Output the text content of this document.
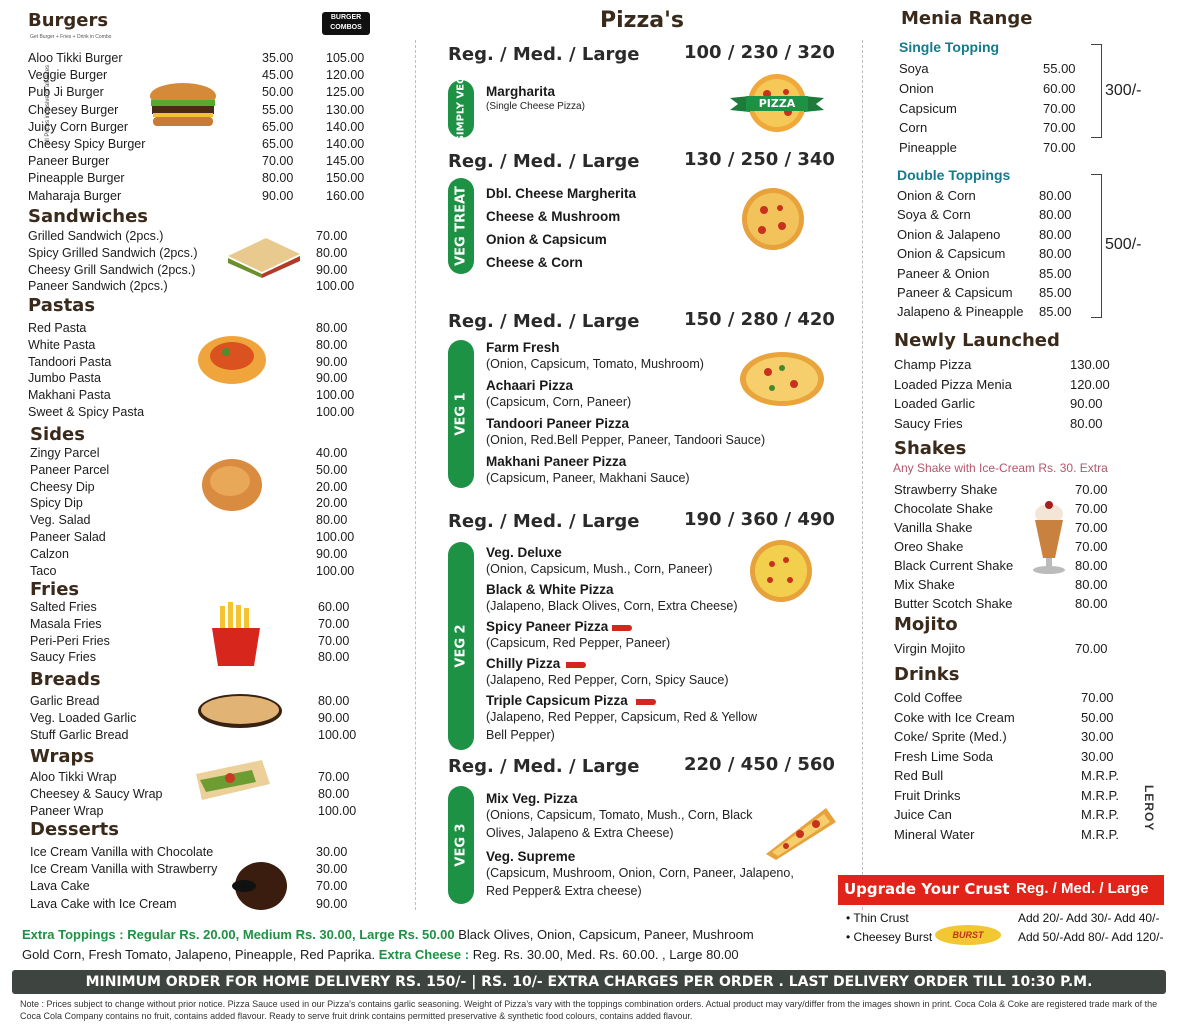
All Prices inclusive of all taxes
BURGER COMBOS
Get Burger + Fries + Drink in Combo
Burgers
Aloo Tikki Burger	35.00	105.00
Veggie Burger	45.00	120.00
Pub Ji Burger	50.00	125.00
Cheesey Burger	55.00	130.00
Juicy Corn Burger	65.00	140.00
Cheesy Spicy Burger	65.00	140.00
Paneer Burger	70.00	145.00
Pineapple Burger	80.00	150.00
Maharaja Burger	90.00	160.00
Sandwiches
Grilled Sandwich (2pcs.)	70.00
Spicy Grilled Sandwich (2pcs.)	80.00
Cheesy Grill Sandwich (2pcs.)	90.00
Paneer Sandwich (2pcs.)	100.00
Pastas
Red Pasta	80.00
White Pasta	80.00
Tandoori Pasta	90.00
Jumbo Pasta	90.00
Makhani Pasta	100.00
Sweet & Spicy Pasta	100.00
Sides
Zingy Parcel	40.00
Paneer Parcel	50.00
Cheesy Dip	20.00
Spicy Dip	20.00
Veg. Salad	80.00
Paneer Salad	100.00
Calzon	90.00
Taco	100.00
Fries
Salted Fries	60.00
Masala Fries	70.00
Peri-Peri Fries	70.00
Saucy Fries	80.00
Breads
Garlic Bread	80.00
Veg. Loaded Garlic	90.00
Stuff Garlic Bread	100.00
Wraps
Aloo Tikki Wrap	70.00
Cheesey & Saucy Wrap	80.00
Paneer Wrap	100.00
Desserts
Ice Cream Vanilla with Chocolate	30.00
Ice Cream Vanilla with Strawberry	30.00
Lava Cake	70.00
Lava Cake with Ice Cream	90.00
Pizza's
Reg. / Med. / Large 100 / 230 / 320
SIMPLY VEG Margharita
(Single Cheese Pizza)
Reg. / Med. / Large 130 / 250 / 340
VEG TREAT Dbl. Cheese Margherita
Cheese & Mushroom
Onion & Capsicum
Cheese & Corn
Reg. / Med. / Large 150 / 280 / 420
VEG 1
Farm Fresh
(Onion, Capsicum, Tomato, Mushroom)
Achaari Pizza
(Capsicum, Corn, Paneer)
Tandoori Paneer Pizza
(Onion, Red.Bell Pepper, Paneer, Tandoori Sauce)
Makhani Paneer Pizza
(Capsicum, Paneer, Makhani Sauce)
Reg. / Med. / Large 190 / 360 / 490
VEG 2
Veg. Deluxe
(Onion, Capsicum, Mush., Corn, Paneer)
Black & White Pizza
(Jalapeno, Black Olives, Corn, Extra Cheese)
Spicy Paneer Pizza
(Capsicum, Red Pepper, Paneer)
Chilly Pizza
(Jalapeno, Red Pepper, Corn, Spicy Sauce)
Triple Capsicum Pizza
(Jalapeno, Red Pepper, Capsicum, Red & Yellow
Bell Pepper)
Reg. / Med. / Large 220 / 450 / 560
VEG 3
Mix Veg. Pizza
(Onions, Capsicum, Tomato, Mush., Corn, Black
Olives, Jalapeno & Extra Cheese)
Veg. Supreme
(Capsicum, Mushroom, Onion, Corn, Paneer, Jalapeno,
Red Pepper& Extra cheese)
PIZZA
Menia Range
Single Topping
Soya	55.00
Onion	60.00
Capsicum	70.00
Corn	70.00
Pineapple	70.00
Double Toppings
Onion & Corn	80.00
Soya & Corn	80.00
Onion & Jalapeno	80.00
Onion & Capsicum	80.00
Paneer & Onion	85.00
Paneer & Capsicum 85.00
Jalapeno & Pineapple 85.00
Newly Launched
Champ Pizza	130.00
Loaded Pizza Menia	120.00
Loaded Garlic	90.00
Saucy Fries	80.00
Any Shake with Ice-Cream Rs. 30. Extra
Shakes
Strawberry Shake	70.00
Chocolate Shake	70.00
Vanilla Shake	70.00
Oreo Shake	70.00
Black Current Shake	80.00
Mix Shake	80.00
Butter Scotch Shake	80.00
Mojito
Virgin Mojito	70.00
Drinks
Cold Coffee	70.00
Coke with Ice Cream	50.00
Coke/ Sprite (Med.)	30.00
Fresh Lime Soda	30.00
Red Bull	M.R.P.
Fruit Drinks	M.R.P.
Juice Can	M.R.P.
Mineral Water	M.R.P.
300/-
500/-
LEROY
Upgrade Your Crust Reg. / Med. / Large
• Thin Crust	Add 20/- Add 30/- Add 40/-
• Cheesey Burst	BURST	Add 50/-Add 80/- Add 120/-
Extra Toppings : Regular Rs. 20.00, Medium Rs. 30.00, Large Rs. 50.00 Black Olives, Onion, Capsicum, Paneer, Mushroom
Gold Corn, Fresh Tomato, Jalapeno, Pineapple, Red Paprika. Extra Cheese : Reg. Rs. 30.00, Med. Rs. 60.00. , Large 80.00
MINIMUM ORDER FOR HOME DELIVERY RS. 150/- | RS. 10/- EXTRA CHARGES PER ORDER . LAST DELIVERY ORDER TILL 10:30 P.M.
Note : Prices subject to change without prior notice. Pizza Sauce used in our Pizza's contains garlic seasoning. Weight of Pizza's vary with the toppings combination orders. Actual product may vary/differ from the images shown in print. Coca Cola & Coke are registered trade mark of the Coca Cola Company contains no fruit, contains added flavour. Ready to serve fruit drink contains permitted preservative & synthetic food colours, contains added flavour.
